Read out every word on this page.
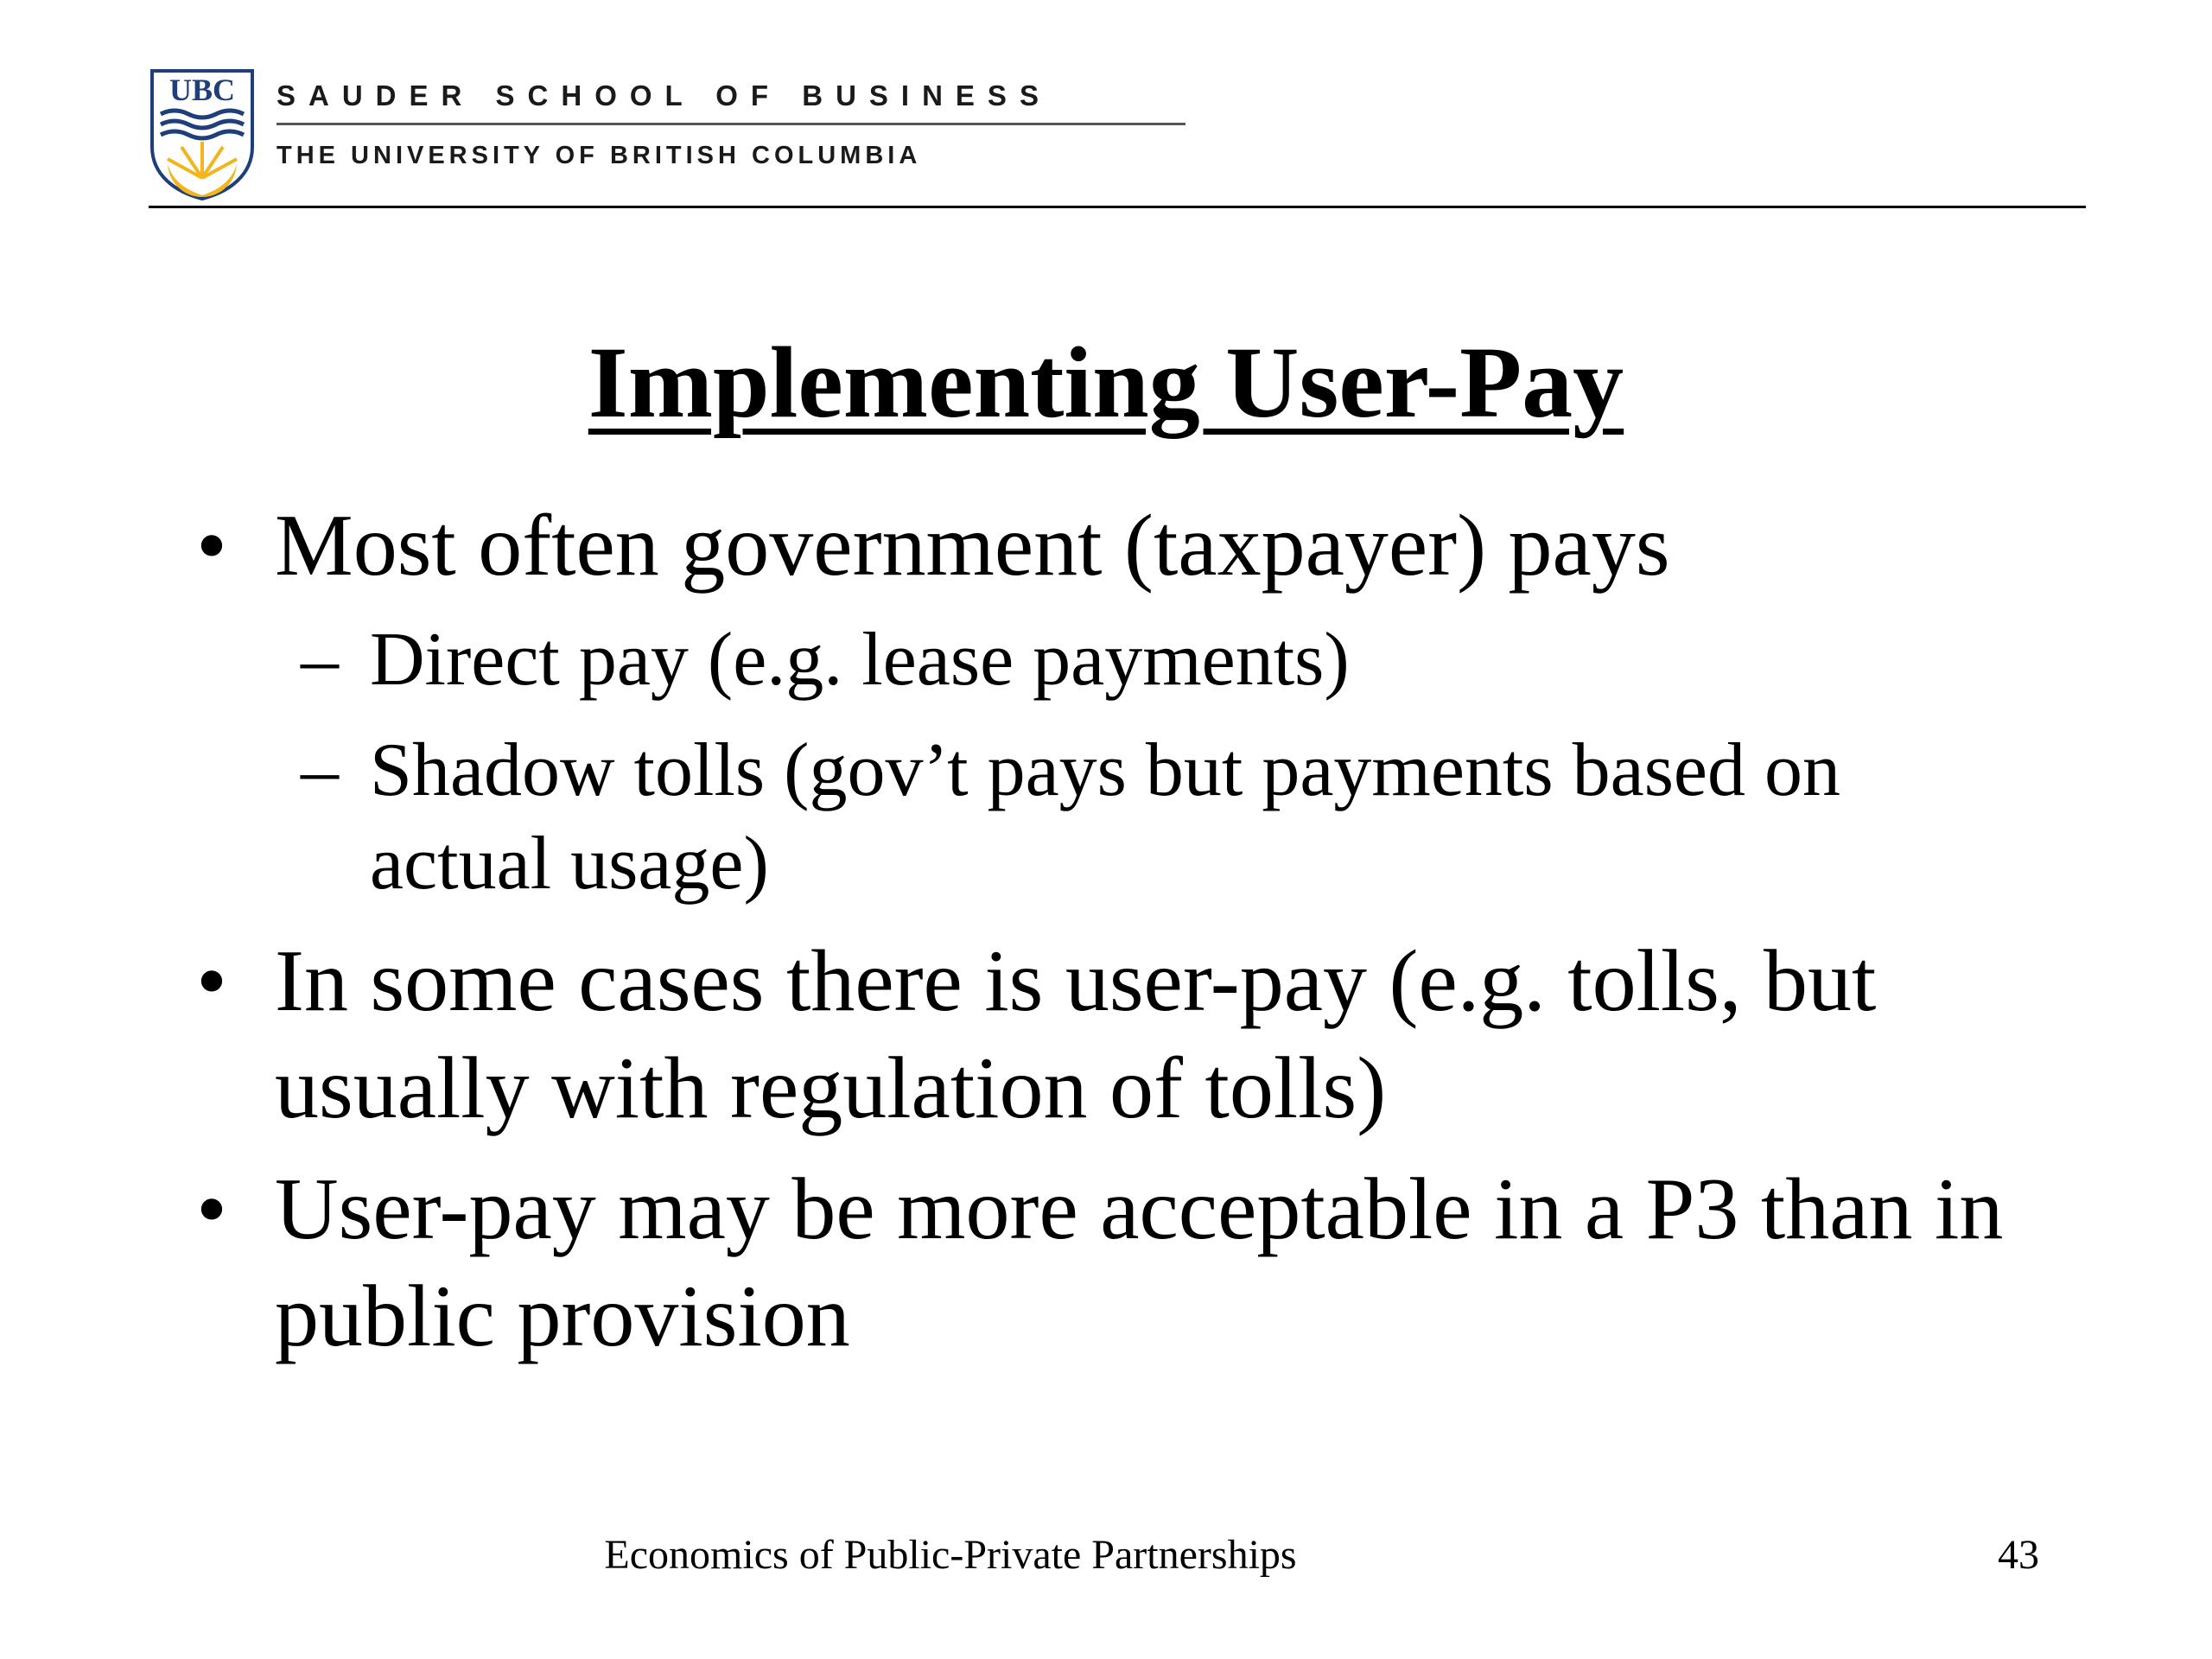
UBC SAUDER SCHOOL OF BUSINESS
THE UNIVERSITY OF BRITISH COLUMBIA
Implementing User-Pay
• Most often government (taxpayer) pays
– Direct pay (e.g. lease payments)
– Shadow tolls (gov’t pays but payments based on actual usage)
• In some cases there is user-pay (e.g. tolls, but usually with regulation of tolls)
• User-pay may be more acceptable in a P3 than in public provision
Economics of Public-Private Partnerships	43
